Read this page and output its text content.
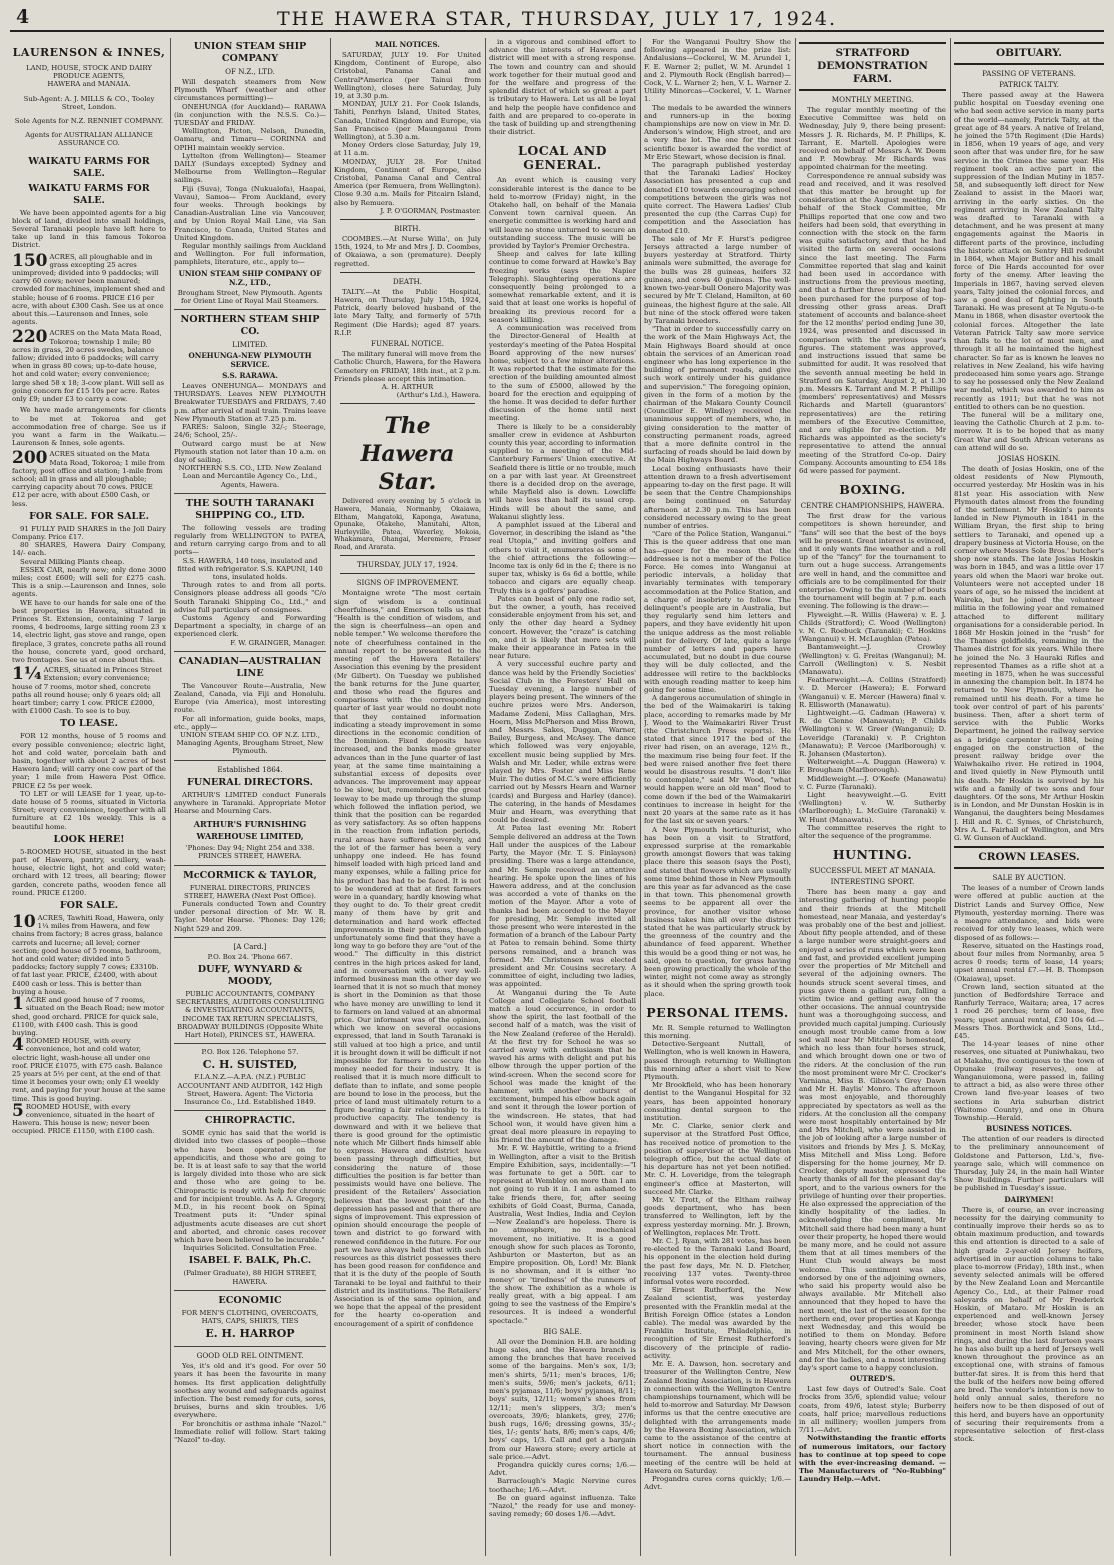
4	THE HAWERA STAR, THURSDAY, JULY 17, 1924.
LAURENSON & INNES,

LAND, HOUSE, STOCK AND DAIRY PRODUCE AGENTS,

HAWERA and MANAIA.

Sub-Agent: A. J. MILLS & CO., Tooley Street, London.

Sole Agents for N.Z. RENNIET COMPANY.

Agents for AUSTRALIAN ALLIANCE ASSURANCE CO.

WAIKATU FARMS FOR SALE.
WAIKATU FARMS FOR SALE.

We have been appointed agents for a big block of land, divided into small holdings, Several Taranaki people have left here to take up land in this famous Tokoroa District.

150 ACRES, all ploughable and in grass excepting 25 acres unimproved; divided into 9 paddocks; will carry 60 cows; never been manured; crowded for machines, implement shed and stable; house of 6 rooms. PRICE £16 per acre, with about £300 Cash. See us at once about this.—Laurenson and Innes, sole agents.
220 ACRES on the Mata Mata Road, Tokoroa; township 1 mile; 80 acres in grass, 20 acres swedes, balance fallow; divided into 6 paddocks; will carry when in grass 80 cows; up-to-date house, hot and cold water; every convenience; large shed 58 x 18; 3-cow plant. Will sell as going concern for £15 10s per acre. Rates only £9; under £3 to carry a cow.

We have made arrangements for clients to be met at Tokoroa and get accommodation free of charge. See us if you want a farm in the Waikatu.—Laurenson & Innes, sole agents.

200 ACRES situated on the Mata Mata Road, Tokoroa; 1 mile from factory, post office and station; 1-mile from school; all in grass and all ploughable; carrying capacity about 70 cows. PRICE £12 per acre, with about £500 Cash, or less.
FOR SALE. FOR SALE.

91 FULLY PAID SHARES in the Joll Dairy Company. Price £17.

80 SHARES, Hawera Dairy Company, 14/- each.

Several Milking Plants cheap.

ESSEX CAR, nearly new; only done 3000 miles; cost £600; will sell for £275 cash. This is a snip.—Laurenson and Innes, sole agents.

WE have to our hands for sale one of the best properties in Hawera, situated in Princes St. Extension, containing 7 large rooms, 4 bedrooms, large sitting room 23 x 14, electric light, gas stove and range, open fireplace, 3 grates, concrete paths all round the house, concrete yard, good orchard, two frontages. See us at once about this.

1¼ ACRES, situated in Princes Street Extension; every convenience; house of 7 rooms, motor shed, concrete paths all round house; only 6 years old; all heart timber; carry 1 cow. PRICE £2000, with £1000 Cash. To see is to buy.
TO LEASE.

FOR 12 months, house of 5 rooms and every possible convenience; electric light, hot and cold water, porcelain bath and basin, together with about 2 acres of best Hawera land; will carry one cow part of the year; 1 mile from Hawera Post Office. PRICE £2 5s per week.

TO LET or will LEASE for 1 year, up-to-date house of 5 rooms, situated in Victoria Street; every convenience, together with all furniture at £2 10s weekly. This is a beautiful home.

LOOK HERE!

5-ROOMED HOUSE, situated in the best part of Hawera, pantry, scullery, wash-house, electric light, hot and cold water; orchard with 12 trees, all bearing; flower garden, concrete paths, wooden fence all round. PRICE £1200.

FOR SALE.
10 ACRES, Tawhiti Road, Hawera, only 1¼ miles from Hawera, and few chains from factory; 8 acres grass, balance carrots and lucerne; all level; corner section; good house of 5 rooms, bathroom, hot and cold water; divided into 5 paddocks; factory supply 7 cows; £3310b. of fat last year. PRICE, £2400, with about £400 cash or less. This is better than buying a house.
1 ACRE and good house of 7 rooms, situated on the Beach Road; new motor shed, good orchard. PRICE for quick sale, £1100, with £400 cash. This is good buying.
4 ROOMED HOUSE, with every convenience, hot and cold water, electric light, wash-house all under one roof. PRICE £1075, with £75 cash. Balance 25 years at 5½ per cent, at the end of that time it becomes your own; only £1 weekly rent, and paying for your house at the same time. This is good buying.
5 ROOMED HOUSE, with every convenience, situated in the heart of Hawera. This house is new; never been occupied. PRICE £1150, with £100 cash.
UNION STEAM SHIP COMPANY
OF N.Z., LTD.

Will despatch steamers from New Plymouth Wharf (weather and other circumstances permitting)—

ONEHUNGA (for Auckland)— RARAWA (in conjunction with the N.S.S. Co.)— TUESDAY and FRIDAY.

Wellington, Picton, Nelson, Dunedin, Oamaru, and Timaru— CORINNA and OPIHI maintain weekly service.

Lyttelton (from Wellington)— Steamer DAILY (Sundays excepted) Sydney and Melbourne from Wellington—Regular sailings.

Fiji (Suva), Tonga (Nukualofa), Haapai, Vavau), Samoa— From Auckland, every four weeks. Through bookings by Canadian-Australian Line via Vancouver, and by Union Royal Mail Line, via San Francisco, to Canada, United States and United Kingdom.

Regular monthly sailings from Auckland and Wellington. For full information, pamphlets, literature, etc., apply to—

UNION STEAM SHIP COMPANY OF N.Z., LTD.,

Brougham Street, New Plymouth. Agents for Orient Line of Royal Mail Steamers.

NORTHERN STEAM SHIP CO.
LIMITED.
ONEHUNGA-NEW PLYMOUTH SERVICE.
S.S. RARAWA.

Leaves ONEHUNGA— MONDAYS and THURSDAYS. Leaves NEW PLYMOUTH Breakwater TUESDAYS and FRIDAYS, 7.40 p.m. after arrival of mail train. Trains leave New Plymouth Station at 7.25 p.m.

FARES: Saloon, Single 32/-; Steerage, 24/6; School, 25/-.

Outward cargo must be at New Plymouth station not later than 10 a.m. on day of sailing.

NORTHERN S.S. CO., LTD. New Zealand Loan and Mercantile Agency Co., Ltd., Agents, Hawera.

THE SOUTH TARANAKI SHIPPING CO., LTD.

The following vessels are trading regularly from WELLINGTON to PATEA, and return carrying cargo from and to all ports—

S.S. HAWERA, 140 tons, insulated and fitted with refrigerator. S.S. KAPUNI, 140 tons, insulated holds.

Through rates to and from all ports. Consignors please address all goods "C/o South Taranaki Shipping Co., Ltd.," and advise full particulars of consignees.

Customs Agency and Forwarding Department a specialty, in charge of an experienced clerk.

F. W. GRAINGER, Manager.

CANADIAN—AUSTRALIAN LINE

The Vancouver Route—Australia, New Zealand, Canada, via Fiji and Honolulu. Europe (via America), most interesting route.

For all information, guide books, maps, etc., apply—

UNION STEAM SHIP CO. OF N.Z. LTD., Managing Agents, Brougham Street, New Plymouth.

Established 1864.
FUNERAL DIRECTORS.

ARTHUR'S LIMITED conduct Funerals anywhere in Taranaki. Appropriate Motor Hearse and Mourning Cars.

ARTHUR'S FURNISHING WAREHOUSE LIMITED,

'Phones: Day 94; Night 254 and 338. PRINCES STREET, HAWERA.

McCORMICK & TAYLOR,

FUNERAL DIRECTORS, PRINCES STREET, HAWERA (Next Post Office).

Funerals conducted Town and Country under personal direction of Mr. W. R. Taylor. Motor Hearse. 'Phones: Day 126; Night 529 and 209.

[A Card.]

P.O. Box 24. 'Phone 667.

DUFF, WYNYARD & MOODY,

PUBLIC ACCOUNTANTS, COMPANY SECRETARIES, AUDITORS CONSULTING & INVESTIGATING ACCOUNTANTS, INCOME TAX RETURN SPECIALISTS, BROADWAY BUILDINGS (Opposite White Hart Hotel), PRINCES ST., HAWERA.

P.O. Box 126. Telephone 57.

C. H. SUISTED,

F.I.A.N.Z.—A.P.A. (N.Z.) PUBLIC ACCOUNTANT AND AUDITOR, 142 High Street, Hawera. Agent: The Victoria Insurance Co., Ltd. Established 1849.

CHIROPRACTIC.

SOME cynic has said that the world is divided into two classes of people—those who have been operated on for appendicitis, and those who are going to be. It is at least safe to say that the world is largely divided into those who are sick and those who are going to be. Chiropractic is ready with help for chronic and for incipient trouble. As A. A. Gregory, M.D., in his recent book on Spinal Treatment puts it: "Under spinal adjustments acute diseases are cut short and aborted, and chronic cases recover which have been believed to be incurable."

Inquiries Solicited. Consultation Free.

ISABEL F. BALK, Ph.C.

(Palmer Graduate), 88 HIGH STREET, HAWERA.

ECONOMIC

FOR MEN'S CLOTHING, OVERCOATS, HATS, CAPS, SHIRTS, TIES

E. H. HARROP
GOOD OLD REL OINTMENT.

Yes, it's old and it's good. For over 50 years it has been the favourite in many homes. Its first application delightfully soothes any wound and safeguards against infection. The best remedy for cuts, sores, bruises, burns and skin troubles. 1/6 everywhere.

For bronchitis or asthma inhale "Nazol." Immediate relief will follow. Start taking "Nazol" to-day.

MAIL NOTICES.

SATURDAY, JULY 19. For United Kingdom, Continent of Europe, also Cristobal, Panama Canal and Central*America (per Tainui from Wellington), closes here Saturday, July 19, at 3.30 p.m.

MONDAY, JULY 21. For Cook Islands, Tahiti, Penrhyn Island, United States, Canada, United Kingdom and Europe, via San Francisco (per Maunganui from Wellington), at 5.30 a.m.

Money Orders close Saturday, July 19, at 11 a.m.

MONDAY, JULY 28. For United Kingdom, Continent of Europe, also Cristobal, Panama Canal and Central America (per Remuera, from Wellington). Close 9.30 a.m. Mails for Pitcairn Island, also by Remuera.

J. P. O'GORMAN, Postmaster.

BIRTH.

COOMBES.—At Nurse Willa', on July 15th, 1924, to Mr and Mrs J. D. Coombes, of Okaiawa, a son (premature). Deeply regretted.

DEATH.

TALTY.—At the Public Hospital, Hawera, on Thursday, July 15th, 1924, Patrick, dearly beloved husband of the late Mary Talty, and formerly of 57th Regiment (Die Hards); aged 87 years. R.I.P.

FUNERAL NOTICE.

The military funeral will move from the Catholic Church, Hawera, for the Hawera Cemetery on FRIDAY, 18th inst., at 2 p.m. Friends please accept this intimation.

A. H. ARTHUR

(Arthur's Ltd.), Hawera.

The Hawera Star.

Delivered every evening by 5 o'clock in Hawera, Manaia, Normanby, Okaiawa, Eltham, Mangatoki, Kaponga, Awatuna, Opunake, Otakeho, Manutahi, Alton, Hurleyville, Patea, Waverley, Mokoia, Whakamara, Ohangai, Meremere, Fraser Road, and Ararata.

THURSDAY, JULY 17, 1924.
SIGNS OF IMPROVEMENT.

Montaigne wrote "The most certain sign of wisdom is a continual cheerfulness," and Emerson tells us that "Health is the condition of wisdom, and the sign is cheerfulness—an open and noble temper." We welcome therefore the note of cheerfulness contained in the annual report to be presented to the meeting of the Hawera Retailers' Association this evening by the president (Mr Gilbert). On Tuesday we published the bank returns for the June quarter, and those who read the figures and comparisons with the corresponding quarter of last year would no doubt note that they contained information indicating a steady improvement in some directions in the economic condition of the Dominion. Fixed deposits have increased, and the banks made greater advances than in the June quarter of last year, at the same time maintaining a substantial excess of deposits over advances. The improvement may appear to be slow, but, remembering the great leeway to be made up through the slump which followed the inflation period, we think that the position can be regarded as very satisfactory. As so often happens in the reaction from inflation periods, rural areas have suffered severely, and the lot of the farmer has been a very unhappy one indeed. He has found himself loaded with high priced land and many expenses, while a falling price for his product has had to be faced. It is not to be wondered at that at first farmers were in a quandary, hardly knowing what they ought to do. To their great credit many of them have by grit and determination and hard work effected improvements in their positions, though unfortunately some find that they have a long way to go before they are "out of the wood." The difficulty in this district centres in the high prices asked for land, and in conversation with a very well-informed business man the other day we learned that it is not so much that money is short in the Dominion as that those who have money are unwilling to lend it to farmers on land valued at an abnormal price. Our informant was of the opinion, which we know on several occasions expressed, that land in South Taranaki is still valued at too high a price, and until it is brought down it will be difficult if not impossible for farmers to secure the money needed for their industry. It is realised that it is much more difficult to deflate than to inflate, and some people are bound to lose in the process, but the price of land must ultimately return to a figure bearing a fair relationship to its productive capacity. The tendency is downward and with it we believe that there is good ground for the optimistic note which Mr Gilbert finds himself able to express. Hawera and district have been passing through difficulties, but considering the nature of those difficulties the position is far better than pessimists would have one believe. The president of the Retailers' Association believes that the lowest point of the depression has passed and that there are signs of improvement. This expression of opinion should encourage the people of town and district to go forward with renewed confidence in the future. For our part we have always held that with such resources as this district possesses there has been good reason for confidence and that it is the duty of the people of South Taranaki to be loyal and faithful to their district and its institutions. The Retailers' Association is of the same opinion, and we hope that the appeal of the president for the hearty co-operation and encouragement of a spirit of confidence

in a vigorous and combined effort to advance the interests of Hawera and district will meet with a strong response. The town and country can and should work together for their mutual good and for the welfare and progress of the splendid district of which so great a part is tributary to Hawera. Let us all be loyal and help the people have confidence and faith and are prepared to co-operate in the task of building up and strengthening their district.

LOCAL AND GENERAL.

An event which is causing very considerable interest is the dance to be held to-morrow (Friday) night, in the Otakeho hall, on behalf of the Manaia Convent town carnival queen. An energetic committee is working hard and will leave no stone unturned to secure an outstanding success. The music will be provided by Taylor's Premier Orchestra.

Sheep and calves for late killing continue to come forward at Hawke's Bay freezing works (says the Napier Telegraph). Slaughtering operations are consequently being prolonged to a somewhat remarkable extent, and it is said that at least one works is hopeful of breaking its previous record for a season's killing.

A communication was received from the Director-General of Health at yesterday's meeting of the Patea Hospital Board approving of the new nurses' home, subject to a few minor alterations. It was reported that the estimate for the erection of the building amounted almost to the sum of £5000, allowed by the board for the erection and equipping of the home. It was decided to defer further discussion of the home until next meeting.

There is likely to be a considerably smaller crew in evidence at Ashburton county this year, according to information supplied to a meeting of the Mid-Canterbury Farmers' Union executive. At Seafield there is little or no trouble, much on a par with last year. At Greenstreet there is a decided drop on the average, while Mayfield also is down. Lowcliffe will have less than half its usual crop. Hinds will be about the same, and Wakanui slightly less.

A pamphlet issued at the Liberal and Governor, in describing the island as "the real Utopia," and inviting golfers and others to visit it, enumerates as some of the chief attractions the following:—Income tax is only 6d in the £; there is no super tax, whisky is 6s 6d a bottle, while tobacco and cigars are equally cheap. Truly this is a golfers' paradise.

Pates can boast of only one radio set, but the owner, a youth, has received considerable enjoyment from his set, and only the other day heard a Sydney concert. However, the "craze" is catching on, and it is likely that more sets will make their appearance in Patea in the near future.

A very successful euchre party and dance was held by the Friendly Societies' Social Club in the Foresters' Hall on Tuesday evening, a large number of players being present. The winners of the euchre prizes were Mrs. Anderson, Madame Zodeni, Miss Callaghan, Mrs. Hoern, Miss McPherson and Miss Brown, and Messrs. Sakes, Duggan, Warner, Bailey, Burgess, and McAsey. The dance which followed was very enjoyable, excellent music being supplied by Mrs. Walsh and Mr. Leder, while extras were played by Mrs. Foster and Miss Rene Muir. The duties of M.C.'s were efficiently carried out by Messrs Hearn and Warner (cards) and Burgess and Harley (dance). The catering, in the hands of Mesdames Muir and Hearn, was everything that could be desired.

At Patea last evening Mr. Robert Semple delivered an address at the Town Hall under the auspices of the Labour Party, the Mayor (Mr. T. S. Finlayson) presiding. There was a large attendance, and Mr. Semple received an attentive hearing. He spoke upon the lines of his Hawera address, and at the conclusion was accorded a vote of thanks on the motion of the Mayor. After a vote of thanks had been accorded to the Mayor for presiding, Mr. Semple invited all those present who were interested in the formation of a branch of the Labour Party at Patea to remain behind. Some thirty persons remained, and a branch was formed. Mr. Christensen was elected president and Mr. Cousins secretary. A committee of eight, including two ladies, was appointed.

At Wanganui during the Te Aute College and Collegiate School football match a loud occurrence, in order to show the spirit, the last football of the second half of a match, was the visit of the New Zealand (referee of the Herald). At the first try for School he was so carried away with enthusiasm that he waved his arms with delight and put his elbow through the upper portion of the wind-screen. When the second score for School was made the knight of the hammer, with another outburst of excitement, bumped his elbow back again and sent it through the lower portion of the windscreen. He states, that had School won, it would have given him a great deal more pleasure in repaying to his friend the amount of the damage.

Mr. F. W. Haybittle, writing to a friend in Wellington, after a visit to the British Empire Exhibition, says, incidentally:—"I was fortunate to get a 50ft. car to represent at Wembley on more than I am not going to rub it in. I am ashamed to take friends there, for, after seeing exhibits of Gold Coast, Burma, Canada, Australia, West Indies, India and Ceylon —New Zealand's are hopeless. There is no atmosphere, no mechanical movement, no initiative. It is a good enough show for such places as Toronto, Ashburton or Masterton, but as an Empire proposition. Oh, Lord! Mr. Blank is no showman, and it is either 'no money' or 'tiredness' of the runners of the show. The exhibition as a whole is really great, with a big appeal. I am going to see the vastness of the Empire's resources. It is indeed a wonderful spectacle."

BIG SALE.

All over the Dominion H.B. are holding huge sales, and the Hawera branch is among the branches that have received some of the bargains. Men's sox, 1/3; men's shirts, 5/11; men's braces, 1/6; men's suits, 59/6; men's jackets, 6/11; men's pyjamas, 11/6; boys' pyjamas, 8/11; boys' suits, 12/11; women's shoes from 12/11; men's slippers, 3/3; men's overcoats, 39/6; blankets, grey, 27/6; bush rugs, 16/6; dressing gowns, 35/-; ties, 1/-; gents' hats, 8/6; men's caps, 4/6; boys' caps, 1/3. Call and get a bargain from our Hawera store; every article at sale price.—Advt.

Progandra quickly cures corns; 1/6.—Advt.

Barraclough's Magic Nervine cures toothache; 1/6.—Advt.

Be on guard against influenza. Take "Nazol," the ready for use and money-saving remedy; 60 doses 1/6.—Advt.

For the Wanganui Poultry Show the following appeared in the prize list: Andalusians—Cockerel, W. M. Arundel 1, F. E. Warner 2; pullet, W. M. Arundel 1 and 2. Plymouth Rock (English barred)—Cock, V. L. Warner 2; hen, V. L. Warner 2. Utility Minorcas—Cockerel, V. L. Warner 1.

The medals to be awarded the winners and runners-up in the boxing championships are now on view in Mr. D. Anderson's window, High street, and are a very fine lot. The one for the most scientific boxer is awarded the verdict of Mr Eric Stewart, whose decision is final.

The paragraph published yesterday that the Taranaki Ladies' Hockey Association has presented a cup and donated £10 towards encouraging school competitions between the girls was not quite correct. The Hawera Ladies' Club presented the cup (the Carras Cup) for competition and the Association has donated £10.

The sale of Mr F. Hurst's pedigree Jerseys attracted a large number of buyers yesterday at Stratford. Thirty animals were submitted, the average for the bulls was 28 guineas, heifers 32 guineas, and cows 40 guineas. The well-known two-year-bull Oonero Majority was secured by Mr T. Cleland, Hamilton, at 60 guineas, the highest figure at the sale. All but nine of the stock offered were taken by Taranaki breeders.

"That in order to successfully carry on the work of the Main Highways Act, the Main Highways Board should at once obtain the services of an American road engineer who has long experience in the building of permanent roads, and give such work entirely under his guidance and supervision." The foregoing opinion, given in the form of a motion by the chairman of the Makara County Council (Councillor E. Windley) received the unanimous support of members, who, in giving consideration to the matter of constructing permanent roads, agreed that a more definite control in the surfacing of roads should be laid down by the Main Highways Board.

Local boxing enthusiasts have their attention drawn to a fresh advertisement appearing to-day on the first page. It will be seen that the Centre Championships are being continued on Saturday afternoon at 2.30 p.m. This has been considered necessary owing to the great number of entries.

"Care of the Police Station, Wanganui." This is the queer address that one man has—queer for the reason that the addressee is not a member of the Police Force. He comes into Wanganui at periodic intervals, a holiday that invariably terminates with temporary accommodation at the Police Station, and a charge of insobriety to follow. The delinquent's people are in Australia, but they regularly send him letters and papers, and they have evidently hit upon the unique address as the most reliable point for delivery. Of late, quite a large number of letters and papers have accumulated, but no doubt in due course they will be duly collected, and the addressee will retire to the backblocks with enough reading matter to keep him going for some time.

A dangerous accumulation of shingle in the bed of the Waimakariri is taking place, according to remarks made by Mr J. Wood to the Waimakariri River Trust (the Christchurch Press reports). He stated that since 1917 the bed of the river had risen, on an average, 12½ ft., the maximum rise being four feet. If the bed were raised another five feet there would be disastrous results. "I don't like to contemplate," said Mr Wood, "what would happen were an old man" flood to come down if the bed of the Waimakariri continues to increase in height for the next 20 years at the same rate as it has for the last six or seven years."

A New Plymouth horticulturist, who has been on a visit to Stratford, expressed surprise at the remarkable growth amongst flowers that was taking place there this season (says the Post), and stated that flowers which are usually some time behind those in New Plymouth are this year as far advanced as the case in that town. This phenomenal growth seems to be apparent all over the province, for another visitor whose business takes him all over the district stated that he was particularly struck by the greenness of the country and the abundance of feed apparent. Whether this would be a good thing or not was, he said, open to question, for grass having been growing practically the whole of the winter, might not come away as strongly as it should when the spring growth took place.

PERSONAL ITEMS.

Mr. R. Semple returned to Wellington this morning.

Detective-Sergeant Nuttall, of Wellington, who is well known in Hawera, passed through returning to Wellington this morning after a short visit to New Plymouth.

Mr Brookfield, who has been honorary dentist to the Wanganui Hospital for 32 years, has been appointed honorary consulting dental surgeon to the institution.

Mr. C. Clarke, senior clerk and supervisor at the Stratford Post Office, has received notice of promotion to the position of supervisor at the Wellington telegraph office, but the actual date of his departure has not yet been notified. Mr. C. H. Loveridge, from the telegraph engineer's office at Masterton, will succeed Mr. Clarke.

Mr. V. Trott, of the Eltham railway goods department, who has been transferred to Wellington, left by the express yesterday morning. Mr. J. Brown, of Wellington, replaces Mr. Trott.

Mr. C. J. Ryan, with 281 votes, has been re-elected to the Taranaki Land Board, his opponent in the election held during the past few days, Mr. N. D. Fletcher, receiving 137 votes. Twenty-three informal votes were recorded.

Sir Ernest Rutherford, the New Zealand scientist, was yesterday presented with the Franklin medal at the British Foreign Office (states a London cable). The medal was awarded by the Franklin Institute, Philadelphia, in recognition of Sir Ernest Rutherford's discovery of the principle of radio-activity.

Mr. E. A. Dawson, hon. secretary and treasurer of the Wellington Centre, New Zealand Boxing Association, is in Hawera in connection with the Wellington Centre championships tournament, which will be held to-morrow and Saturday. Mr Dawson informs us that the centre executive are delighted with the arrangements made by the Hawera Boxing Association, which came to the assistance of the centre at short notice in connection with the tournament. The annual business meeting of the centre will be held at Hawera on Saturday.

Progandra cures corns quickly; 1/6.—Advt.

STRATFORD DEMONSTRATION FARM.
MONTHLY MEETING.

The regular monthly meeting of the Executive Committee was held on Wednesday, July 9, there being present: Messrs J. R. Richards, M. P. Phillips, K. Tarrant, E. Martell. Apologies were received on behalf of Messrs A. W. Deem and P. Mowbray. Mr Richards was appointed chairman for the meeting.

Correspondence re annual subsidy was read and received, and it was resolved that this matter be brought up for consideration at the August meeting. On behalf of the Stock Committee, Mr Phillips reported that one cow and two heifers had been sold, that everything in connection with the stock on the farm was quite satisfactory, and that he had visited the farm on several occasions since the last meeting. The Farm Committee reported that slag and kainit had been used in accordance with instructions from the previous meeting, and that a further three tons of slag had been purchased for the purpose of top-dressing other grass areas. Draft statement of accounts and balance-sheet for the 12 months' period ending June 30, 1924, was presented and discussed in comparison with the previous year's figures. The statement was approved, and instructions issued that same be submitted for audit. It was resolved that the seventh annual meeting be held in Stratford on Saturday, August 2, at 1.30 p.m. Messrs K. Tarrant and M. P. Phillips (members' representatives) and Messrs Richards and Martell (guarantors' representatives) are the retiring members of the Executive Committee, and are eligible for re-election. Mr Richards was appointed as the society's representative to attend the annual meeting of the Stratford Co-op. Dairy Company. Accounts amounting to £54 18s 6d were passed for payment.

BOXING.
CENTRE CHAMPIONSHIPS, HAWERA.

The first draw for the various competitors is shown hereunder, and "fans" will see that the best of the boys will be present. Great interest is evinced, and it only wants fine weather and a roll up of the "fancy" for the tournament to turn out a huge success. Arrangements are well in hand, and the committee and officials are to be complimented for their enterprise. Owing to the number of bouts the tournament will begin at 7 p.m. each evening. The following is the draw:—

Flyweight.—R. Willis (Hawera) v. E. J. Childs (Stratford); C. Wood (Wellington) v. N. C. Roebuck (Taranaki); C. Hoskins (Wanganui) v. H. McLaughlan (Patea).

Bantamweight.—J. Crowley (Wellington) v. G. Freitas (Wanganui); M. Carroll (Wellington) v. S. Nesbit (Manawatu).

Featherweight.—A. Collins (Stratford) v. D. Mercer (Hawera); E. Forward (Wanganui) v. E. Mercer (Hawera) final v. R. Ellisworth (Manawatu).

Lightweight.—G. Cadman (Hawera) v. R. de Clenne (Manawatu); P. Childs (Wellington) v. W. Greer (Wanganui); D. Loveridge (Taranaki) v. P. Crighton (Manawatu); P. Vercoe (Marlborough) v. R. Johansen (Masterton).

Welterweight.—A. Duggan (Hawera) v. F. Brougham (Marlborough).

Middleweight.—J. O'Keefe (Manawatu) v. C. Furze (Taranaki).

Light heavyweight.—G. Evitt (Wellington) v. W. Sutherby (Marlborough); L. McGuire (Taranaki) v. W. Hunt (Manawatu).

The committee reserves the right to alter the sequence of the programme.

HUNTING.
SUCCESSFUL MEET AT MANAIA.
INTERESTING SPORT.

There has been many a gay and interesting gathering of hunting people and their friends at the Mitchell homestead, near Manaia, and yesterday's was probably one of the best and jolliest. About fifty people attended, and of these a large number were straight-goers and enjoyed a series of runs which were keen and fast, and provided excellent jumping over the properties of Mr Mitchell and several of the adjoining owners. The hounds struck scent several times, and puss gave them a gallant run, falling a victim twice and getting away on the other occasions. The annual countryside hunt was a thoroughgoing success, and provided much capital jumping. Curiously enough most trouble came from a low sod wall near Mr Mitchell's homestead, which no less than four horses struck, and which brought down one or two of the riders. At the conclusion of the run the most prominent were Mr C. Crocker's Varniana, Miss B. Gibson's Grey Dawn and Mr H. Baylis' Monro. The afternoon was most enjoyable, and thoroughly appreciated by spectators as well as the riders. At the conclusion all the company were most hospitably entertained by Mr and Mrs Mitchell, who were assisted in the job of looking after a large number of visitors and friends by Mrs J. S. McKay, Miss Mitchell and Miss Long. Before dispersing for the home journey, Mr D. Crocker, deputy master, expressed the hearty thanks of all for the pleasant day's sport, and to the various owners for the privilege of hunting over their properties. He also expressed the appreciation of the kindly hospitality of the ladies. In acknowledging the compliment, Mr Mitchell said there had been many a hunt over their property, he hoped there would be many more, and he could not assure them that at all times members of the Hunt Club would always be most welcome. This sentiment was also endorsed by one of the adjoining owners, who said his property would also be always available. Mr Mitchell also announced that they hoped to have the next meet, the last of the season for the northern end, over properties at Kaponga next Wednesday, and this would be notified to them on Monday. Before leaving, hearty cheers were given for Mr and Mrs Mitchell, for the other owners, and for the ladies, and a most interesting day's sport came to a happy conclusion.

OUTRED'S.

Last few days of Outred's Sale. Coat frocks from 35/6, splendid value; velour coats, from 49/6, latest style; Burberry coats, half price; marvellous reductions in all millinery; woollen jumpers from 7/11.—Advt.

Notwithstanding the frantic efforts of numerous imitators, our factory has to continue at top speed to cope with the ever-increasing demand. — The Manufacturers of "No-Rubbing" Laundry Help.—Advt.

OBITUARY.
PASSING OF VETERANS.
PATRICK TALTY.

There passed away at the Hawera public hospital on Tuesday evening one who had seen active service in many parts of the world—namely, Patrick Talty, at the great age of 84 years. A native of Ireland, he joined the 57th Regiment (Die Hards) in 1856, when 19 years of age, and very soon after that was under fire, for he saw service in the Crimea the same year. His regiment took an active part in the suppression of the Indian Mutiny in 1857-58, and subsequently left direct for New Zealand to assist in the Maori war, arriving in the early sixties. On the regiment arriving in New Zealand Talty was drafted to Taranaki with a detachment, and he was present at many engagements against the Maoris in different parts of the province, including the historic attack on Sentry Hill redoubt in 1864, when Major Butler and his small force of Die Hards accounted for over forty of the enemy. After leaving the Imperials in 1867, having served eleven years, Talty joined the colonial forces, and saw a good deal of fighting in South Taranaki. He was present at Te Ngutu-o-te Manu in 1868, when disaster overtook the colonial forces. Altogether the late Veteran Patrick Talty saw more service than falls to the lot of most men, and through it all he maintained the highest character. So far as is known he leaves no relatives in New Zealand, his wife having predeceased him some years ago. Strange to say he possessed only the New Zealand war medal, which was awarded to him as recently as 1911; but that he was not entitled to others can be no question.

The funeral will be a military one, leaving the Catholic Church at 2 p.m. to-morrow. It is to be hoped that as many Great War and South African veterans as can attend will do so.

JOSIAS HOSKIN.

The death of Josias Hoskin, one of the oldest residents of New Plymouth, occurred yesterday. Mr Hoskin was in his 81st year. His association with New Plymouth dates almost from the founding of the settlement. Mr Hoskin's parents landed in New Plymouth in 1841 in the William Bryan, the first ship to bring settlers to Taranaki, and opened up a drapery business at Victoria House, on the corner where Messrs Sole Bros.' butcher's shop now stands. The late Josias Hoskin was born in 1845, and was a little over 17 years old when the Maori war broke out. Volunteers were not accepted under 18 years of age, so he missed the incident at Waireka, but he joined the volunteer militia in the following year and remained attached to different military organisations for a considerable period. In 1868 Mr Hoskin joined in the "rush" for the Thames goldfields, remaining in the Thames district for six years. While there he joined the No. 3 Hauraki Rifles and represented Thames as a rifle shot at a meeting in 1875, when he was successful in annexing the champion belt. In 1874 he returned to New Plymouth, where he remained until his death. For a time he took over control of part of his parents' business. Then, after a short term of service with the Public Works Department, he joined the railway service as a bridge carpenter in 1884, being engaged on the construction of the present railway bridge over the Waiwhakaiho river. He retired in 1904, and lived quietly in New Plymouth until his death. Mr Hoskin is survived by his wife and a family of two sons and four daughters. Of the sons, Mr Arthur Hoskin is in London, and Mr Dunstan Hoskin is in Wanganui, the daughters being Mesdames J. Hill and R. C. Symes, of Christchurch, Mrs A. L. Fairhall of Wellington, and Mrs G. W. Gunson of Auckland.

CROWN LEASES.
SALE BY AUCTION.

The leases of a number of Crown lands were offered at public auction at the District Lands and Survey Office, New Plymouth, yesterday morning. There was a meagre attendance, and bids were received for only two leases, which were disposed of as follows:—

Reserve, situated on the Hastings road, about four miles from Normanby, area 5 acres 0 roods; term of lease, 14 years; upset annual rental £7.—H. B. Thompson (Okaiawa), upset.

Crown land, section situated at the junction of Bedfordshire Terrace and Ranfurly Terrace, Waitara; area, 17 acres 1 rood 26 perches; term of lease, five years; upset annual rental, £30 10s 6d.—Messrs Thos. Borthwick and Sons, Ltd., £45.

The 14-year leases of nine other reserves, one situated at Puniwhakau, two at Makahu, five contiguous to the town of Opunake (railway reserves), one at Wanganuiomona, were passed in, failing to attract a bid, as also were three other Crown land five-year leases of two sections in Aria suburban district (Waitomo County), and one in Ohura Township.—Herald.

BUSINESS NOTICES.

The attention of our readers is directed to the preliminary announcement of Goldstone and Patterson, Ltd.'s, five-yearage sale, which will commence on Thursday, July 24, in the main hall Winter Show Buildings. Further particulars will be published in Tuesday's issue.

DAIRYMEN!

There is, of course, an ever increasing necessity for the dairying community to continually improve their herds so as to obtain maximum production, and towards this end attention is directed to a sale of high grade 2-year-old Jersey heifers, advertised in our auction columns to take place to-morrow (Friday), 18th inst., when seventy selected animals will be offered by the New Zealand Loan and Mercantile Agency Co., Ltd., at their Palmer road saleyards on behalf of Mr Frederick Hoskin, of Mataro. Mr Hoskin is an experienced and well-known Jersey breeder, whose stock have been prominent in most North Island show rings, and during the last fourteen years he has also built up a herd of Jerseys well known throughout the province as an exceptional one, with strains of famous butter-fat sires. It is from this herd that the bulk of the heifers now being offered are bred. The vendor's intention is now to hold only annual sales, therefore no heifers now to be then disposed of out of this herd, and buyers have an opportunity of securing their requirements from a representative selection of first-class stock.
